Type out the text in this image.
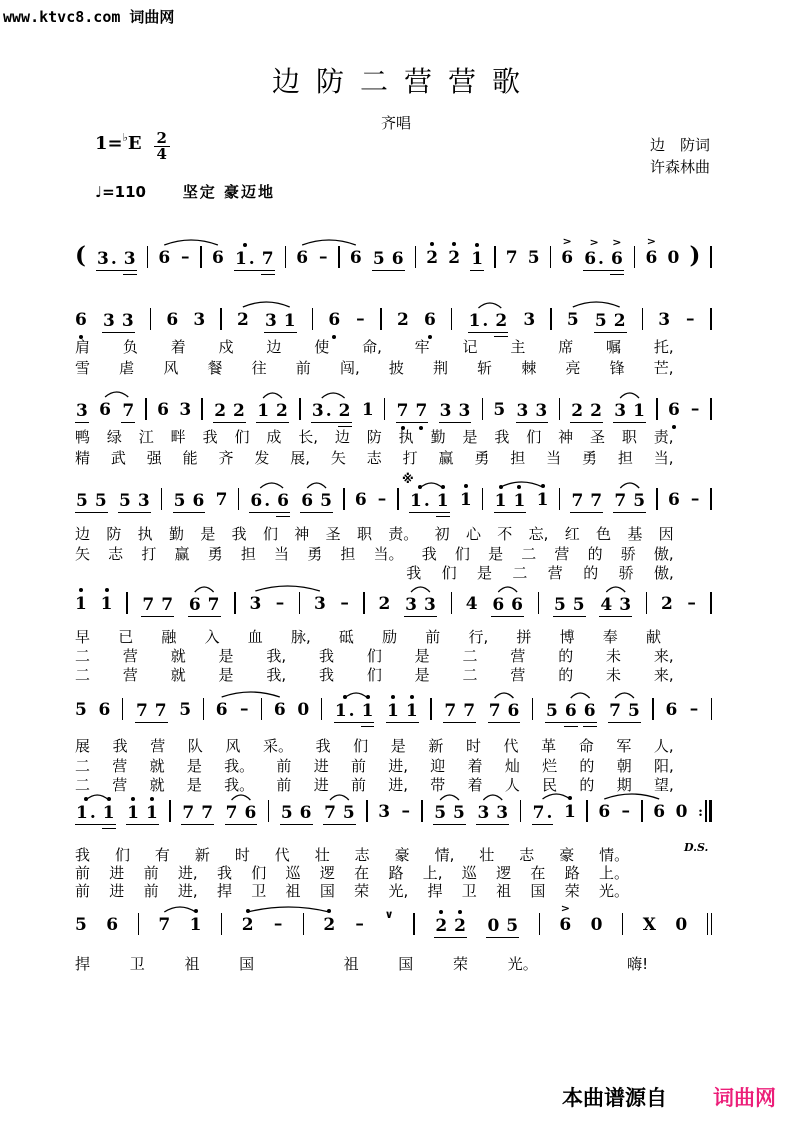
www.ktvc8.com 词曲网
边防二营营歌
齐唱
1=♭ E $\frac{2}{4}$	边　防词
许森林曲
♩=110 坚定 豪迈地
( 3 . 3 6 – 6 1 . 7 6 – 6 5 6 2 2 1 7 5 6
>
6 .
>
6
>
6
>
0 )
6 3 3 6 3 2 3 1 6 – 2 6 1 . 2 3 5 5 2 3 –
肩 负 着 戍 边 使 命, 牢 记 主 席 嘱 托,
雪 虐 风 餐 往 前 闯, 披 荆 斩 棘 亮 锋 芒,
3 6 7 6 3 2 2 1 2 3 . 2 1 7 7 3 3 5 3 3 2 2 3 1 6 –
鸭 绿 江 畔 我 们 成 长, 边 防 执 勤 是 我 们 神 圣 职 责,
精 武 强 能 齐 发 展, 矢 志 打 赢 勇 担 当 勇 担 当,
5 5 5 3 5 6 7 6 . 6 6 5 6 – 1 .
※
1 1 1 1 1 7 7 7 5 6 –
边 防 执 勤 是 我 们 神 圣 职 责。 初 心 不 忘, 红 色 基 因
矢 志 打 赢 勇 担 当 勇 担 当。 我 们 是 二 营 的 骄 傲,
我 们 是 二 营 的 骄 傲,
1 1 7 7 6 7 3 – 3 – 2 3 3 4 6 6 5 5 4 3 2 –
早 已 融 入 血 脉, 砥 励 前 行, 拼 博 奉 献
二 营 就 是 我, 我 们 是 二 营 的 未 来,
二 营 就 是 我, 我 们 是 二 营 的 未 来,
5 6 7 7 5 6 – 6 0 1 . 1 1 1 7 7 7 6 5 6 6 7 5 6 –
展 我 营 队 风 采。 我 们 是 新 时 代 革 命 军 人,
二 营 就 是 我。 前 进 前 进, 迎 着 灿 烂 的 朝 阳,
二 营 就 是 我。 前 进 前 进, 带 着 人 民 的 期 望,
1 . 1 1 1 7 7 7 6 5 6 7 5 3 – 5 5 3 3 7 . 1 6 – 6 0 :
我 们 有 新 时 代 壮 志 豪 情, 壮 志 豪 情。
前 进 前 进, 我 们 巡 逻 在 路 上, 巡 逻 在 路 上。
前 进 前 进, 捍 卫 祖 国 荣 光, 捍 卫 祖 国 荣 光。
5 6 7 1 2 – 2 – ∨
2 2 0 5 6
>
0 X 0
捍	卫	祖	国	祖	国	荣	光。	嗨!
D.S.
本曲谱源自 词曲网
